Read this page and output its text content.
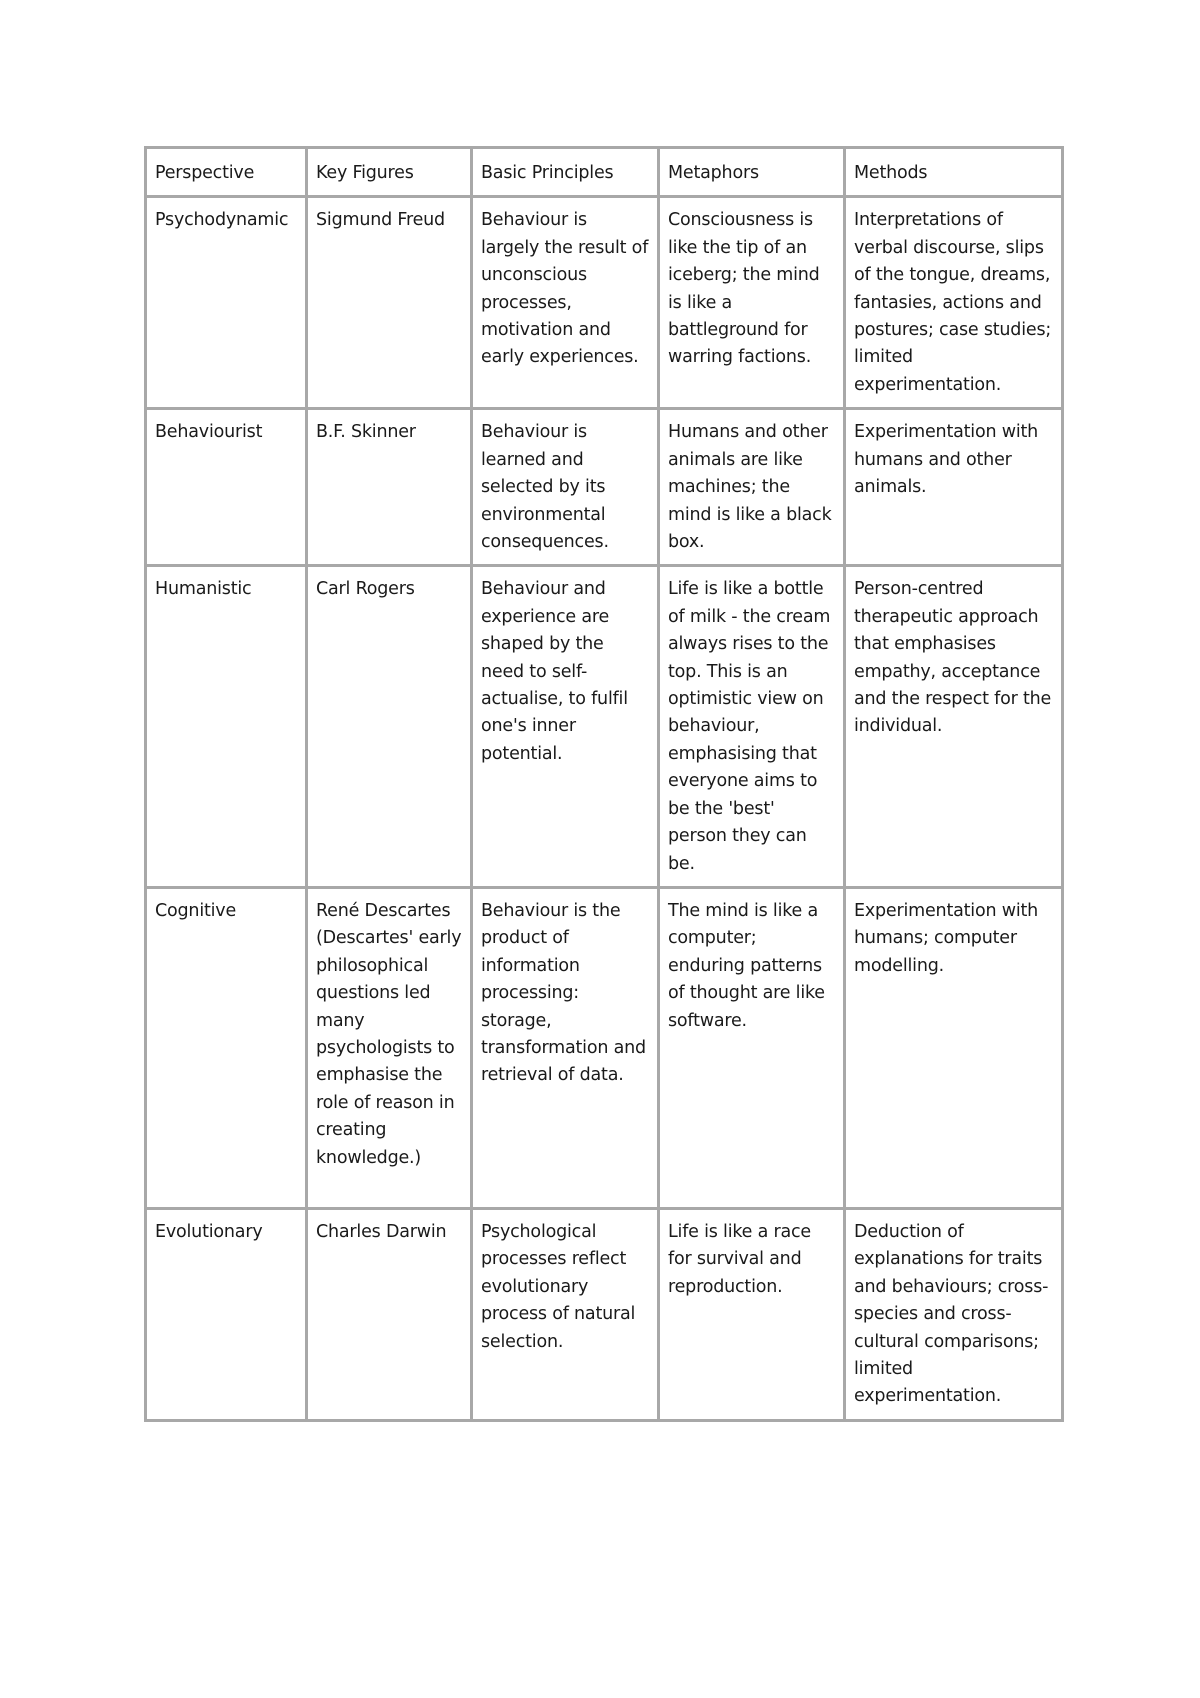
Perspective	Key Figures	Basic Principles	Metaphors	Methods
Psychodynamic	Sigmund Freud	Behaviour is largely the result of unconscious processes, motivation and early experiences.	Consciousness is like the tip of an iceberg; the mind is like a battleground for warring factions.	Interpretations of verbal discourse, slips of the tongue, dreams, fantasies, actions and postures; case studies; limited experimentation.
Behaviourist	B.F. Skinner	Behaviour is learned and selected by its environmental consequences.	Humans and other animals are like machines; the mind is like a black box.	Experimentation with humans and other animals.
Humanistic	Carl Rogers	Behaviour and experience are shaped by the need to self-actualise, to fulfil one's inner potential.	Life is like a bottle of milk - the cream always rises to the top. This is an optimistic view on behaviour, emphasising that everyone aims to be the 'best' person they can be.	Person-centred therapeutic approach that emphasises empathy, acceptance and the respect for the individual.
Cognitive	René Descartes (Descartes' early philosophical questions led many psychologists to emphasise the role of reason in creating knowledge.)	Behaviour is the product of information processing: storage, transformation and retrieval of data.	The mind is like a computer; enduring patterns of thought are like software.	Experimentation with humans; computer modelling.
Evolutionary	Charles Darwin	Psychological processes reflect evolutionary process of natural selection.	Life is like a race for survival and reproduction.	Deduction of explanations for traits and behaviours; cross-species and cross-cultural comparisons; limited experimentation.
